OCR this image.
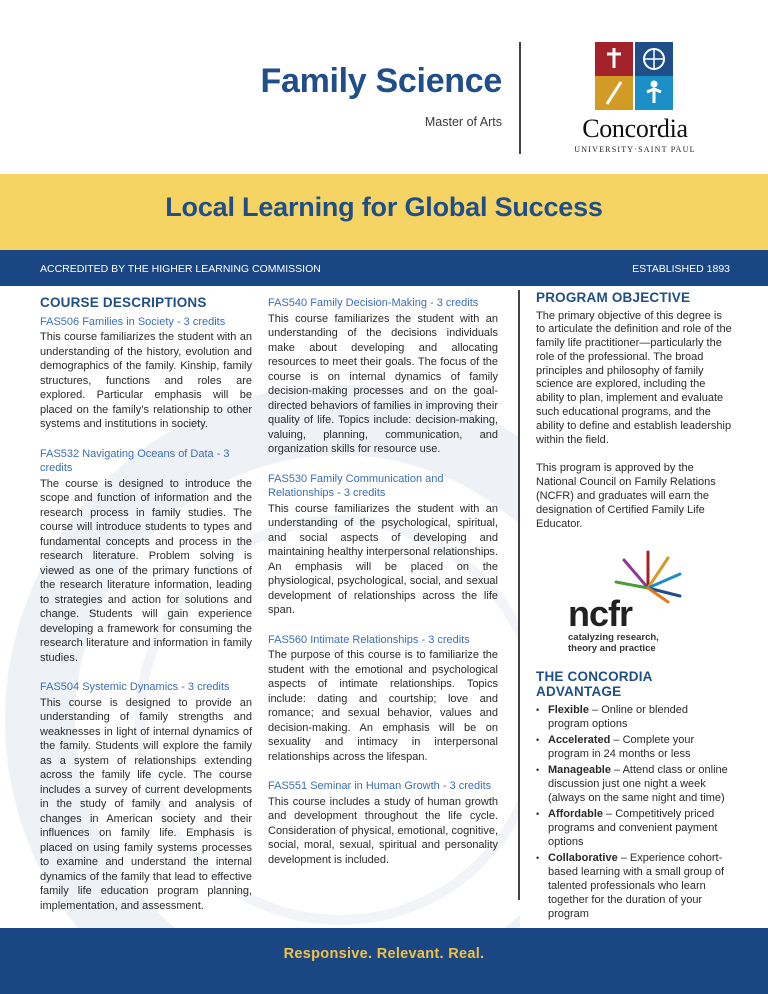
Family Science
Master of Arts	Concordia
UNIVERSITY·SAINT PAUL
Local Learning for Global Success
ACCREDITED BY THE HIGHER LEARNING COMMISSION	ESTABLISHED 1893
COURSE DESCRIPTIONS
FAS506 Families in Society - 3 credits
This course familiarizes the student with an understanding of the history, evolution and demographics of the family. Kinship, family structures, functions and roles are explored. Particular emphasis will be placed on the family’s relationship to other systems and institutions in society.
FAS532 Navigating Oceans of Data - 3 credits
The course is designed to introduce the scope and function of information and the research process in family studies. The course will introduce students to types and fundamental concepts and process in the research literature. Problem solving is viewed as one of the primary functions of the research literature information, leading to strategies and action for solutions and change. Students will gain experience developing a framework for consuming the research literature and information in family studies.
FAS504 Systemic Dynamics - 3 credits
This course is designed to provide an understanding of family strengths and weaknesses in light of internal dynamics of the family. Students will explore the family as a system of relationships extending across the family life cycle. The course includes a survey of current developments in the study of family and analysis of changes in American society and their influences on family life. Emphasis is placed on using family systems processes to examine and understand the internal dynamics of the family that lead to effective family life education program planning, implementation, and assessment.
FAS540 Family Decision-Making - 3 credits
This course familiarizes the student with an understanding of the decisions individuals make about developing and allocating resources to meet their goals. The focus of the course is on internal dynamics of family decision-making processes and on the goal-directed behaviors of families in improving their quality of life. Topics include: decision-making, valuing, planning, communication, and organization skills for resource use.
FAS530 Family Communication and Relationships - 3 credits
This course familiarizes the student with an understanding of the psychological, spiritual, and social aspects of developing and maintaining healthy interpersonal relationships. An emphasis will be placed on the physiological, psychological, social, and sexual development of relationships across the life span.
FAS560 Intimate Relationships - 3 credits
The purpose of this course is to familiarize the student with the emotional and psychological aspects of intimate relationships. Topics include: dating and courtship; love and romance; and sexual behavior, values and decision-making. An emphasis will be on sexuality and intimacy in interpersonal relationships across the lifespan.
FAS551 Seminar in Human Growth - 3 credits
This course includes a study of human growth and development throughout the life cycle. Consideration of physical, emotional, cognitive, social, moral, sexual, spiritual and personality development is included.
PROGRAM OBJECTIVE

The primary objective of this degree is to articulate the definition and role of the family life practitioner—particularly the role of the professional. The broad principles and philosophy of family science are explored, including the ability to plan, implement and evaluate such educational programs, and the ability to define and establish leadership within the field.

This program is approved by the National Council on Family Relations (NCFR) and graduates will earn the designation of Certified Family Life Educator.

ncfr
catalyzing research,
theory and practice
THE CONCORDIA ADVANTAGE
• Flexible – Online or blended program options
• Accelerated – Complete your program in 24 months or less
• Manageable – Attend class or online discussion just one night a week (always on the same night and time)
• Affordable – Competitively priced programs and convenient payment options
• Collaborative – Experience cohort-based learning with a small group of talented professionals who learn together for the duration of your program
Responsive. Relevant. Real.
